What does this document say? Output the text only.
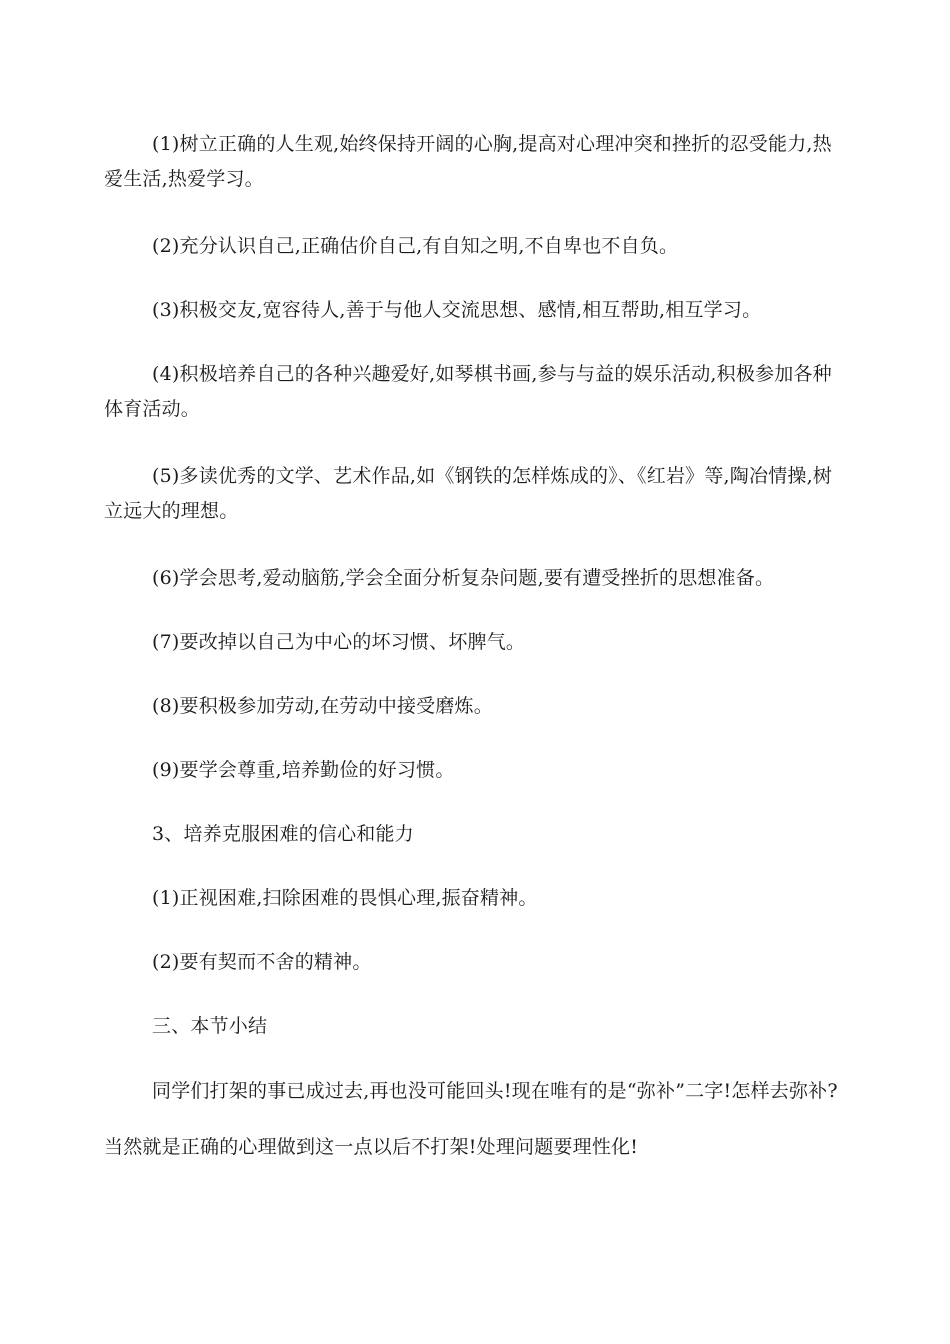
(1)树立正确的人生观,始终保持开阔的心胸,提高对心理冲突和挫折的忍受能力,热爱生活,热爱学习。

(2)充分认识自己,正确估价自己,有自知之明,不自卑也不自负。

(3)积极交友,宽容待人,善于与他人交流思想、感情,相互帮助,相互学习。

(4)积极培养自己的各种兴趣爱好,如琴棋书画,参与与益的娱乐活动,积极参加各种体育活动。

(5)多读优秀的文学、艺术作品,如《钢铁的怎样炼成的》、《红岩》等,陶冶情操,树立远大的理想。

(6)学会思考,爱动脑筋,学会全面分析复杂问题,要有遭受挫折的思想准备。

(7)要改掉以自己为中心的坏习惯、坏脾气。

(8)要积极参加劳动,在劳动中接受磨炼。

(9)要学会尊重,培养勤俭的好习惯。

3、培养克服困难的信心和能力

(1)正视困难,扫除困难的畏惧心理,振奋精神。

(2)要有契而不舍的精神。

三、本节小结

同学们打架的事已成过去,再也没可能回头!现在唯有的是“弥补”二字!怎样去弥补?当然就是正确的心理做到这一点以后不打架!处理问题要理性化!
